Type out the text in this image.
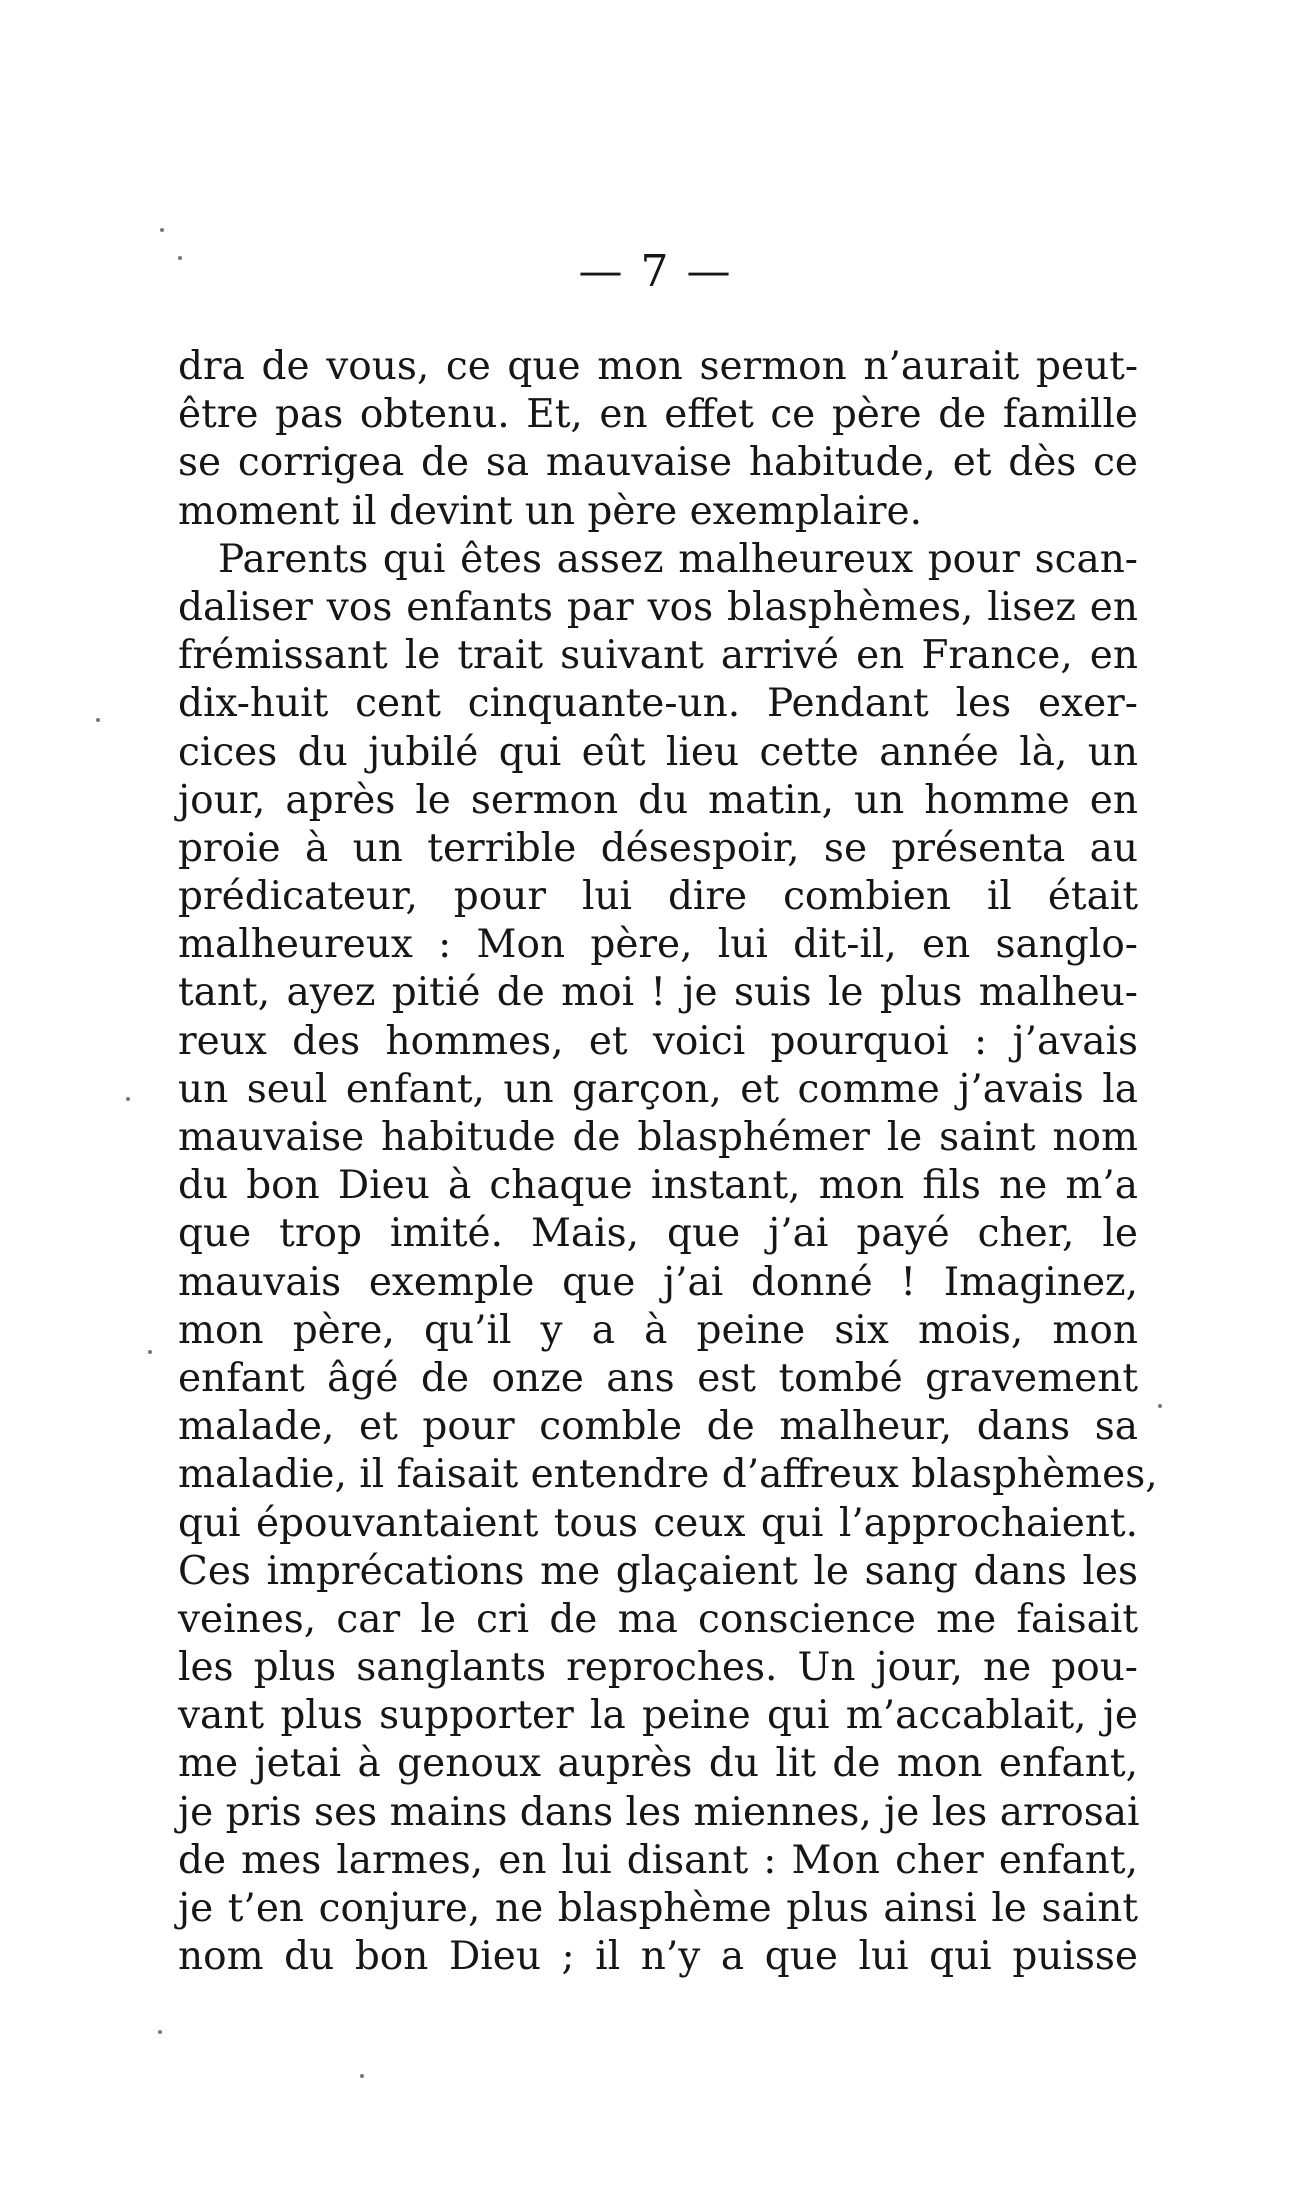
— 7 —
dra de vous, ce que mon sermon n’aurait peut-
être pas obtenu. Et, en effet ce père de famille
se corrigea de sa mauvaise habitude, et dès ce
moment il devint un père exemplaire.
Parents qui êtes assez malheureux pour scan-
daliser vos enfants par vos blasphèmes, lisez en
frémissant le trait suivant arrivé en France, en
dix-huit cent cinquante-un. Pendant les exer-
cices du jubilé qui eût lieu cette année là, un
jour, après le sermon du matin, un homme en
proie à un terrible désespoir, se présenta au
prédicateur, pour lui dire combien il était
malheureux : Mon père, lui dit-il, en sanglo-
tant, ayez pitié de moi ! je suis le plus malheu-
reux des hommes, et voici pourquoi : j’avais
un seul enfant, un garçon, et comme j’avais la
mauvaise habitude de blasphémer le saint nom
du bon Dieu à chaque instant, mon fils ne m’a
que trop imité. Mais, que j’ai payé cher, le
mauvais exemple que j’ai donné ! Imaginez,
mon père, qu’il y a à peine six mois, mon
enfant âgé de onze ans est tombé gravement
malade, et pour comble de malheur, dans sa
maladie, il faisait entendre d’affreux blasphèmes,
qui épouvantaient tous ceux qui l’approchaient.
Ces imprécations me glaçaient le sang dans les
veines, car le cri de ma conscience me faisait
les plus sanglants reproches. Un jour, ne pou-
vant plus supporter la peine qui m’accablait, je
me jetai à genoux auprès du lit de mon enfant,
je pris ses mains dans les miennes, je les arrosai
de mes larmes, en lui disant : Mon cher enfant,
je t’en conjure, ne blasphème plus ainsi le saint
nom du bon Dieu ; il n’y a que lui qui puisse
